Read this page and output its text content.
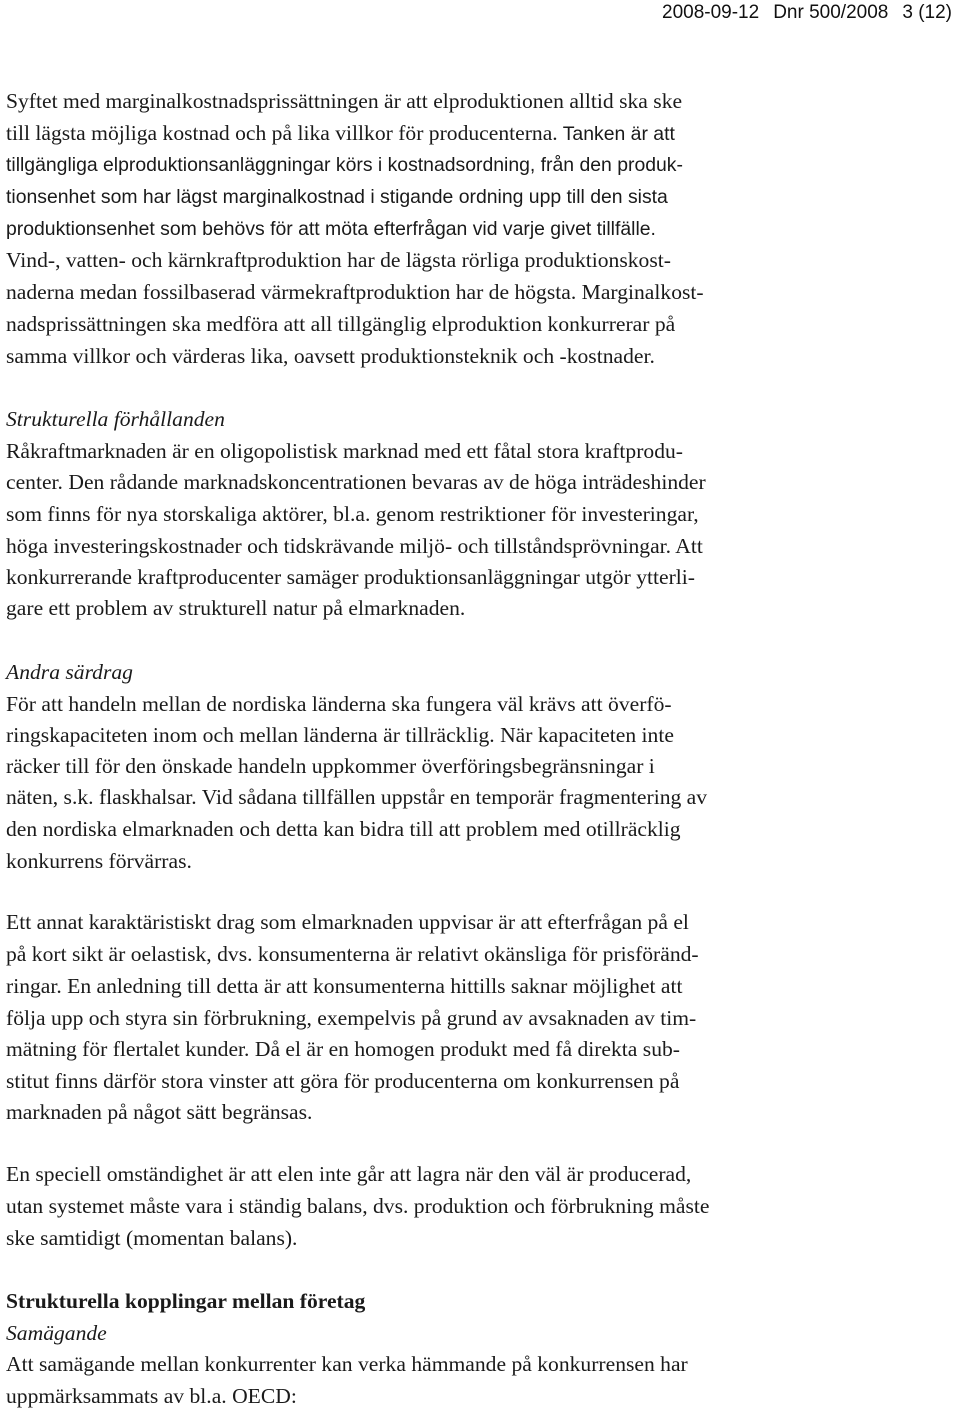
2008-09-12 Dnr 500/2008 3 (12)
Syftet med marginalkostnadsprissättningen är att elproduktionen alltid ska ske
till lägsta möjliga kostnad och på lika villkor för producenterna. Tanken är att
tillgängliga elproduktionsanläggningar körs i kostnadsordning, från den produk-
tionsenhet som har lägst marginalkostnad i stigande ordning upp till den sista
produktionsenhet som behövs för att möta efterfrågan vid varje givet tillfälle.
Vind-, vatten- och kärnkraftproduktion har de lägsta rörliga produktionskost-
naderna medan fossilbaserad värmekraftproduktion har de högsta. Marginalkost-
nadsprissättningen ska medföra att all tillgänglig elproduktion konkurrerar på
samma villkor och värderas lika, oavsett produktionsteknik och -kostnader.
Strukturella förhållanden
Råkraftmarknaden är en oligopolistisk marknad med ett fåtal stora kraftprodu-
center. Den rådande marknadskoncentrationen bevaras av de höga inträdeshinder
som finns för nya storskaliga aktörer, bl.a. genom restriktioner för investeringar,
höga investeringskostnader och tidskrävande miljö- och tillståndsprövningar. Att
konkurrerande kraftproducenter samäger produktionsanläggningar utgör ytterli-
gare ett problem av strukturell natur på elmarknaden.
Andra särdrag
För att handeln mellan de nordiska länderna ska fungera väl krävs att överfö-
ringskapaciteten inom och mellan länderna är tillräcklig. När kapaciteten inte
räcker till för den önskade handeln uppkommer överföringsbegränsningar i
näten, s.k. flaskhalsar. Vid sådana tillfällen uppstår en temporär fragmentering av
den nordiska elmarknaden och detta kan bidra till att problem med otillräcklig
konkurrens förvärras.
Ett annat karaktäristiskt drag som elmarknaden uppvisar är att efterfrågan på el
på kort sikt är oelastisk, dvs. konsumenterna är relativt okänsliga för prisföränd-
ringar. En anledning till detta är att konsumenterna hittills saknar möjlighet att
följa upp och styra sin förbrukning, exempelvis på grund av avsaknaden av tim-
mätning för flertalet kunder. Då el är en homogen produkt med få direkta sub-
stitut finns därför stora vinster att göra för producenterna om konkurrensen på
marknaden på något sätt begränsas.
En speciell omständighet är att elen inte går att lagra när den väl är producerad,
utan systemet måste vara i ständig balans, dvs. produktion och förbrukning måste
ske samtidigt (momentan balans).
Strukturella kopplingar mellan företag
Samägande
Att samägande mellan konkurrenter kan verka hämmande på konkurrensen har
uppmärksammats av bl.a. OECD:
